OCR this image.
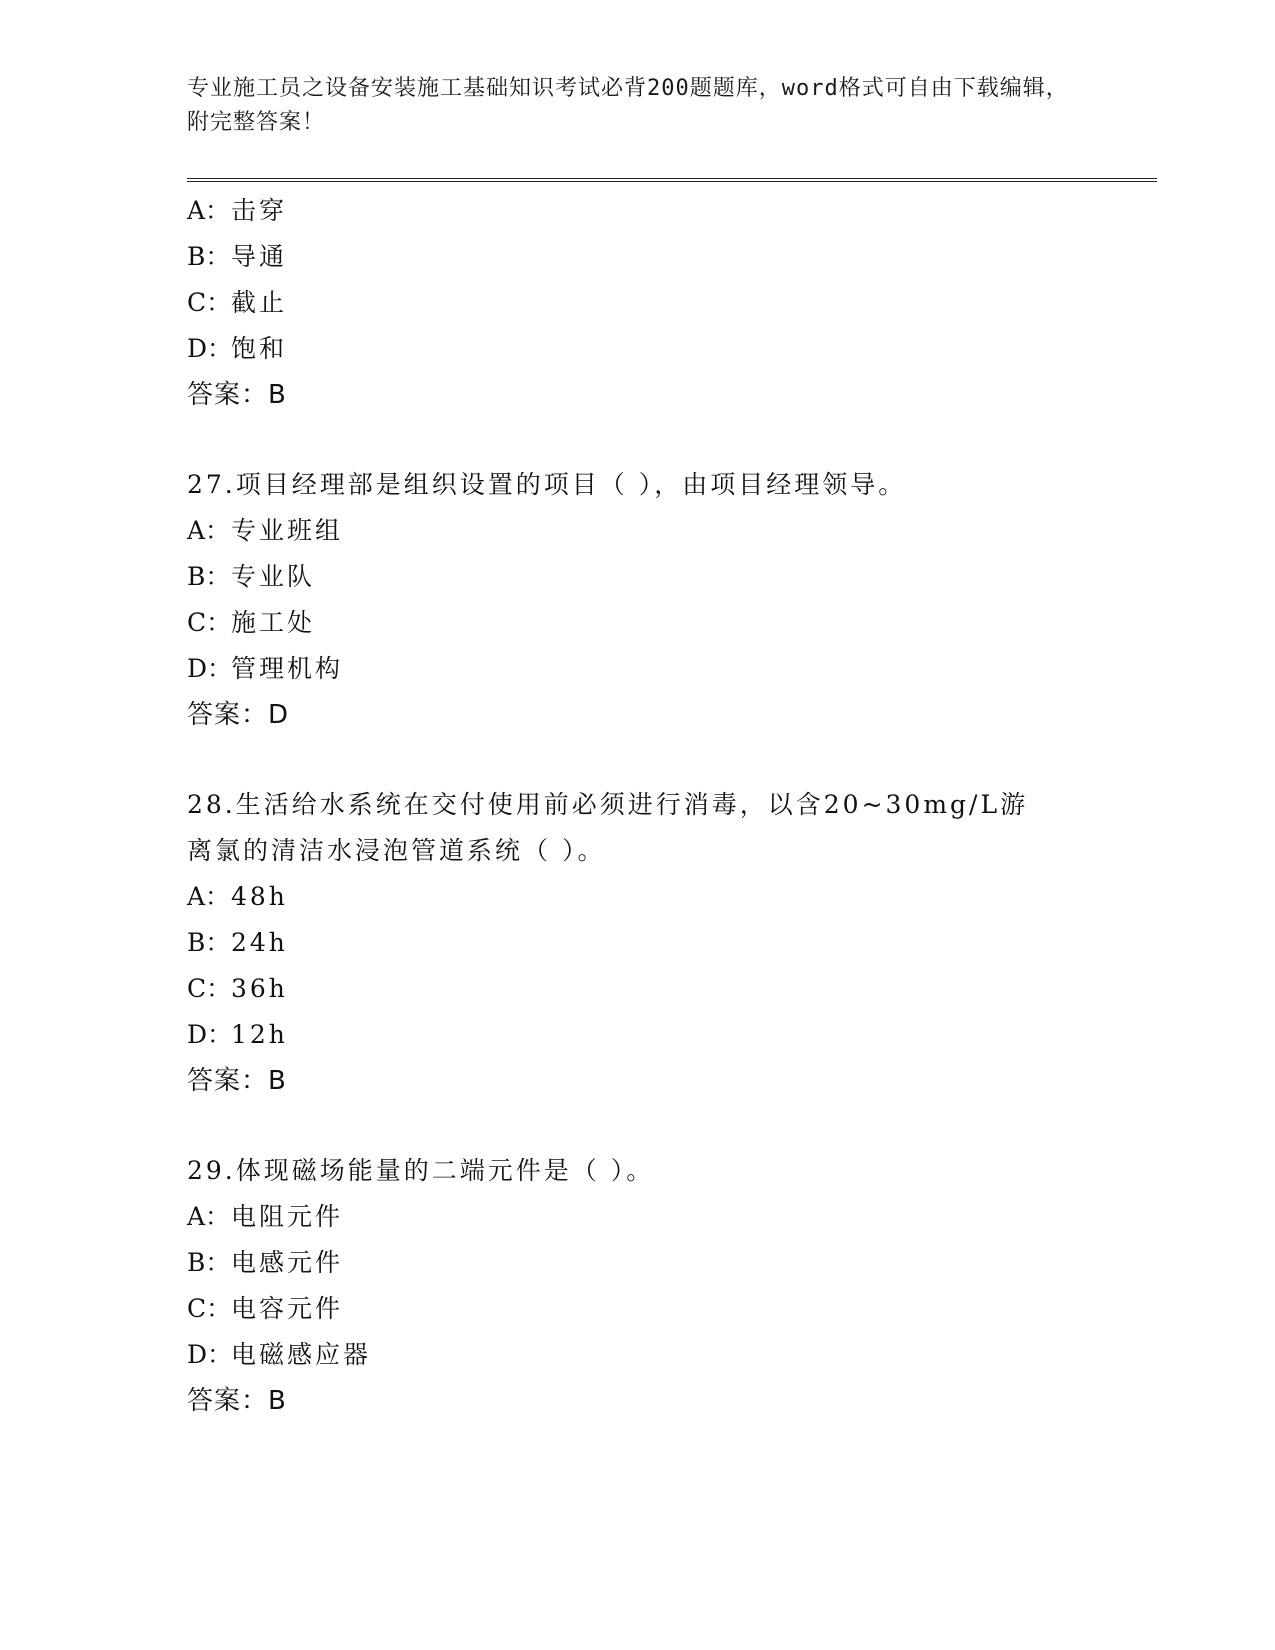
专业施工员之设备安装施工基础知识考试必背200题题库，word格式可自由下载编辑，附完整答案！
A：击穿
B：导通
C：截止
D：饱和
答案：B
27.项目经理部是组织设置的项目（ ），由项目经理领导。
A：专业班组
B：专业队
C：施工处
D：管理机构
答案：D
28.生活给水系统在交付使用前必须进行消毒，以含20~30mg/L游离氯的清洁水浸泡管道系统（ ）。
A：48h
B：24h
C：36h
D：12h
答案：B
29.体现磁场能量的二端元件是（ ）。
A：电阻元件
B：电感元件
C：电容元件
D：电磁感应器
答案：B
